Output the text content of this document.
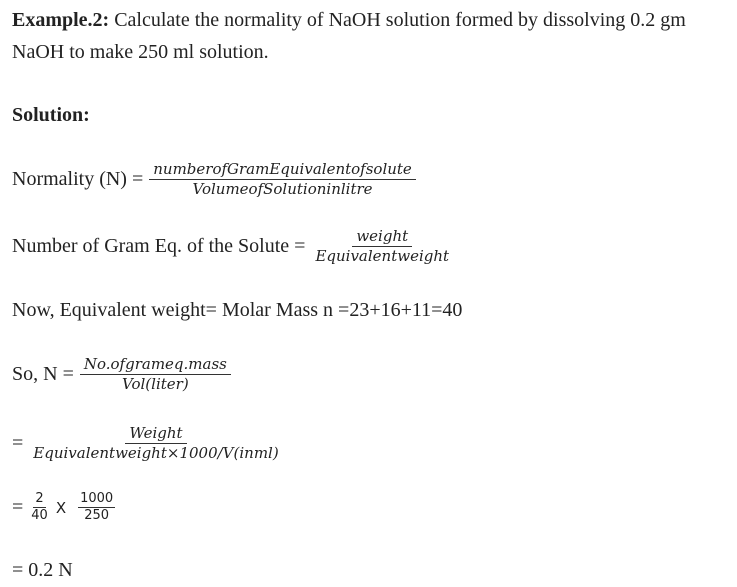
Example.2: Calculate the normality of NaOH solution formed by dissolving 0.2 gm
NaOH to make 250 ml solution.
Solution:
Normality $(N) = \frac{\text{numberofGramEquivalentofsolute}}{\text{VolumeofSolutioninlitre}}$
Number of Gram Eq. of the Solute = $\frac{\text{weight}}{\text{Equivalentweight}}$
Now, Equivalent weight= Molar Mass n =23+16+11=40
So, $N = \frac{\text{No.ofgrameq.mass}}{\text{Vol(liter)}}$
= $\frac{\text{Weight}}{\text{Equivalentweight×1000/V(inml)}}$
= $\frac{2}{40}$ X $\frac{1000}{250}$
= 0.2 N
